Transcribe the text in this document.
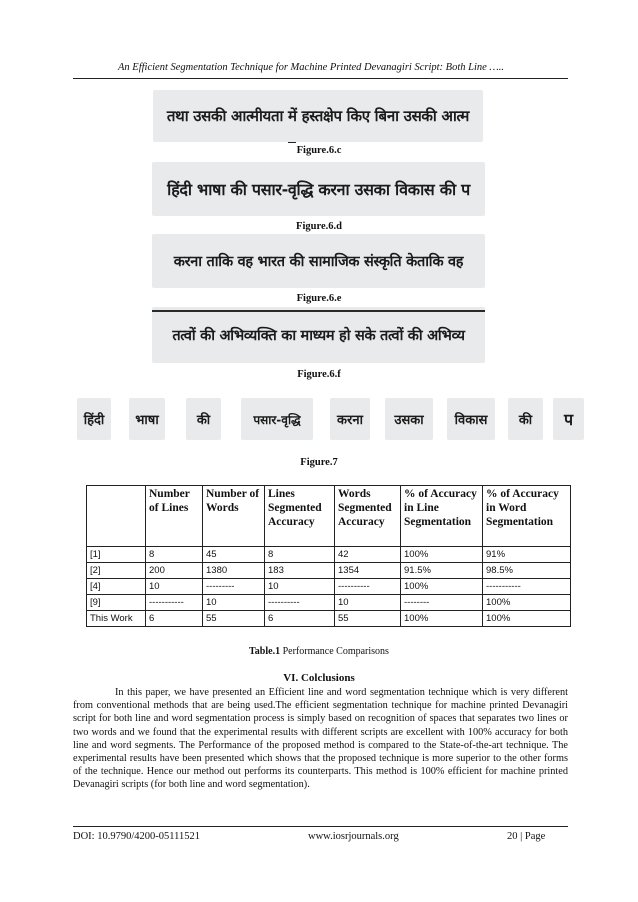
An Efficient Segmentation Technique for Machine Printed Devanagiri Script: Both Line …..
तथा उसकी आत्मीयता में हस्तक्षेप किए बिना उसकी आत्म
Figure.6.c
हिंदी भाषा की पसार-वृद्धि करना उसका विकास की प
Figure.6.d
करना ताकि वह भारत की सामाजिक संस्कृति केताकि वह
Figure.6.e
तत्वों की अभिव्यक्ति का माध्यम हो सके तत्वों की अभिव्य
Figure.6.f
हिंदी	भाषा	की	पसार-वृद्धि	करना	उसका	विकास	की	प
Figure.7
	Number of Lines	Number of Words	Lines Segmented Accuracy	Words Segmented Accuracy	% of Accuracy in Line Segmentation	% of Accuracy in Word Segmentation
[1]	8	45	8	42	100%	91%
[2]	200	1380	183	1354	91.5%	98.5%
[4]	10	---------	10	----------	100%	-----------
[9]	-----------	10	----------	10	--------	100%
This Work	6	55	6	55	100%	100%
Table.1 Performance Comparisons
VI. Colclusions
In this paper, we have presented an Efficient line and word segmentation technique which is very different from conventional methods that are being used.The efficient segmentation technique for machine printed Devanagiri script for both line and word segmentation process is simply based on recognition of spaces that separates two lines or two words and we found that the experimental results with different scripts are excellent with 100% accuracy for both line and word segments. The Performance of the proposed method is compared to the State-of-the-art technique. The experimental results have been presented which shows that the proposed technique is more superior to the other forms of the technique. Hence our method out performs its counterparts. This method is 100% efficient for machine printed Devanagiri scripts (for both line and word segmentation).
DOI: 10.9790/4200-05111521	www.iosrjournals.org	20 | Page
